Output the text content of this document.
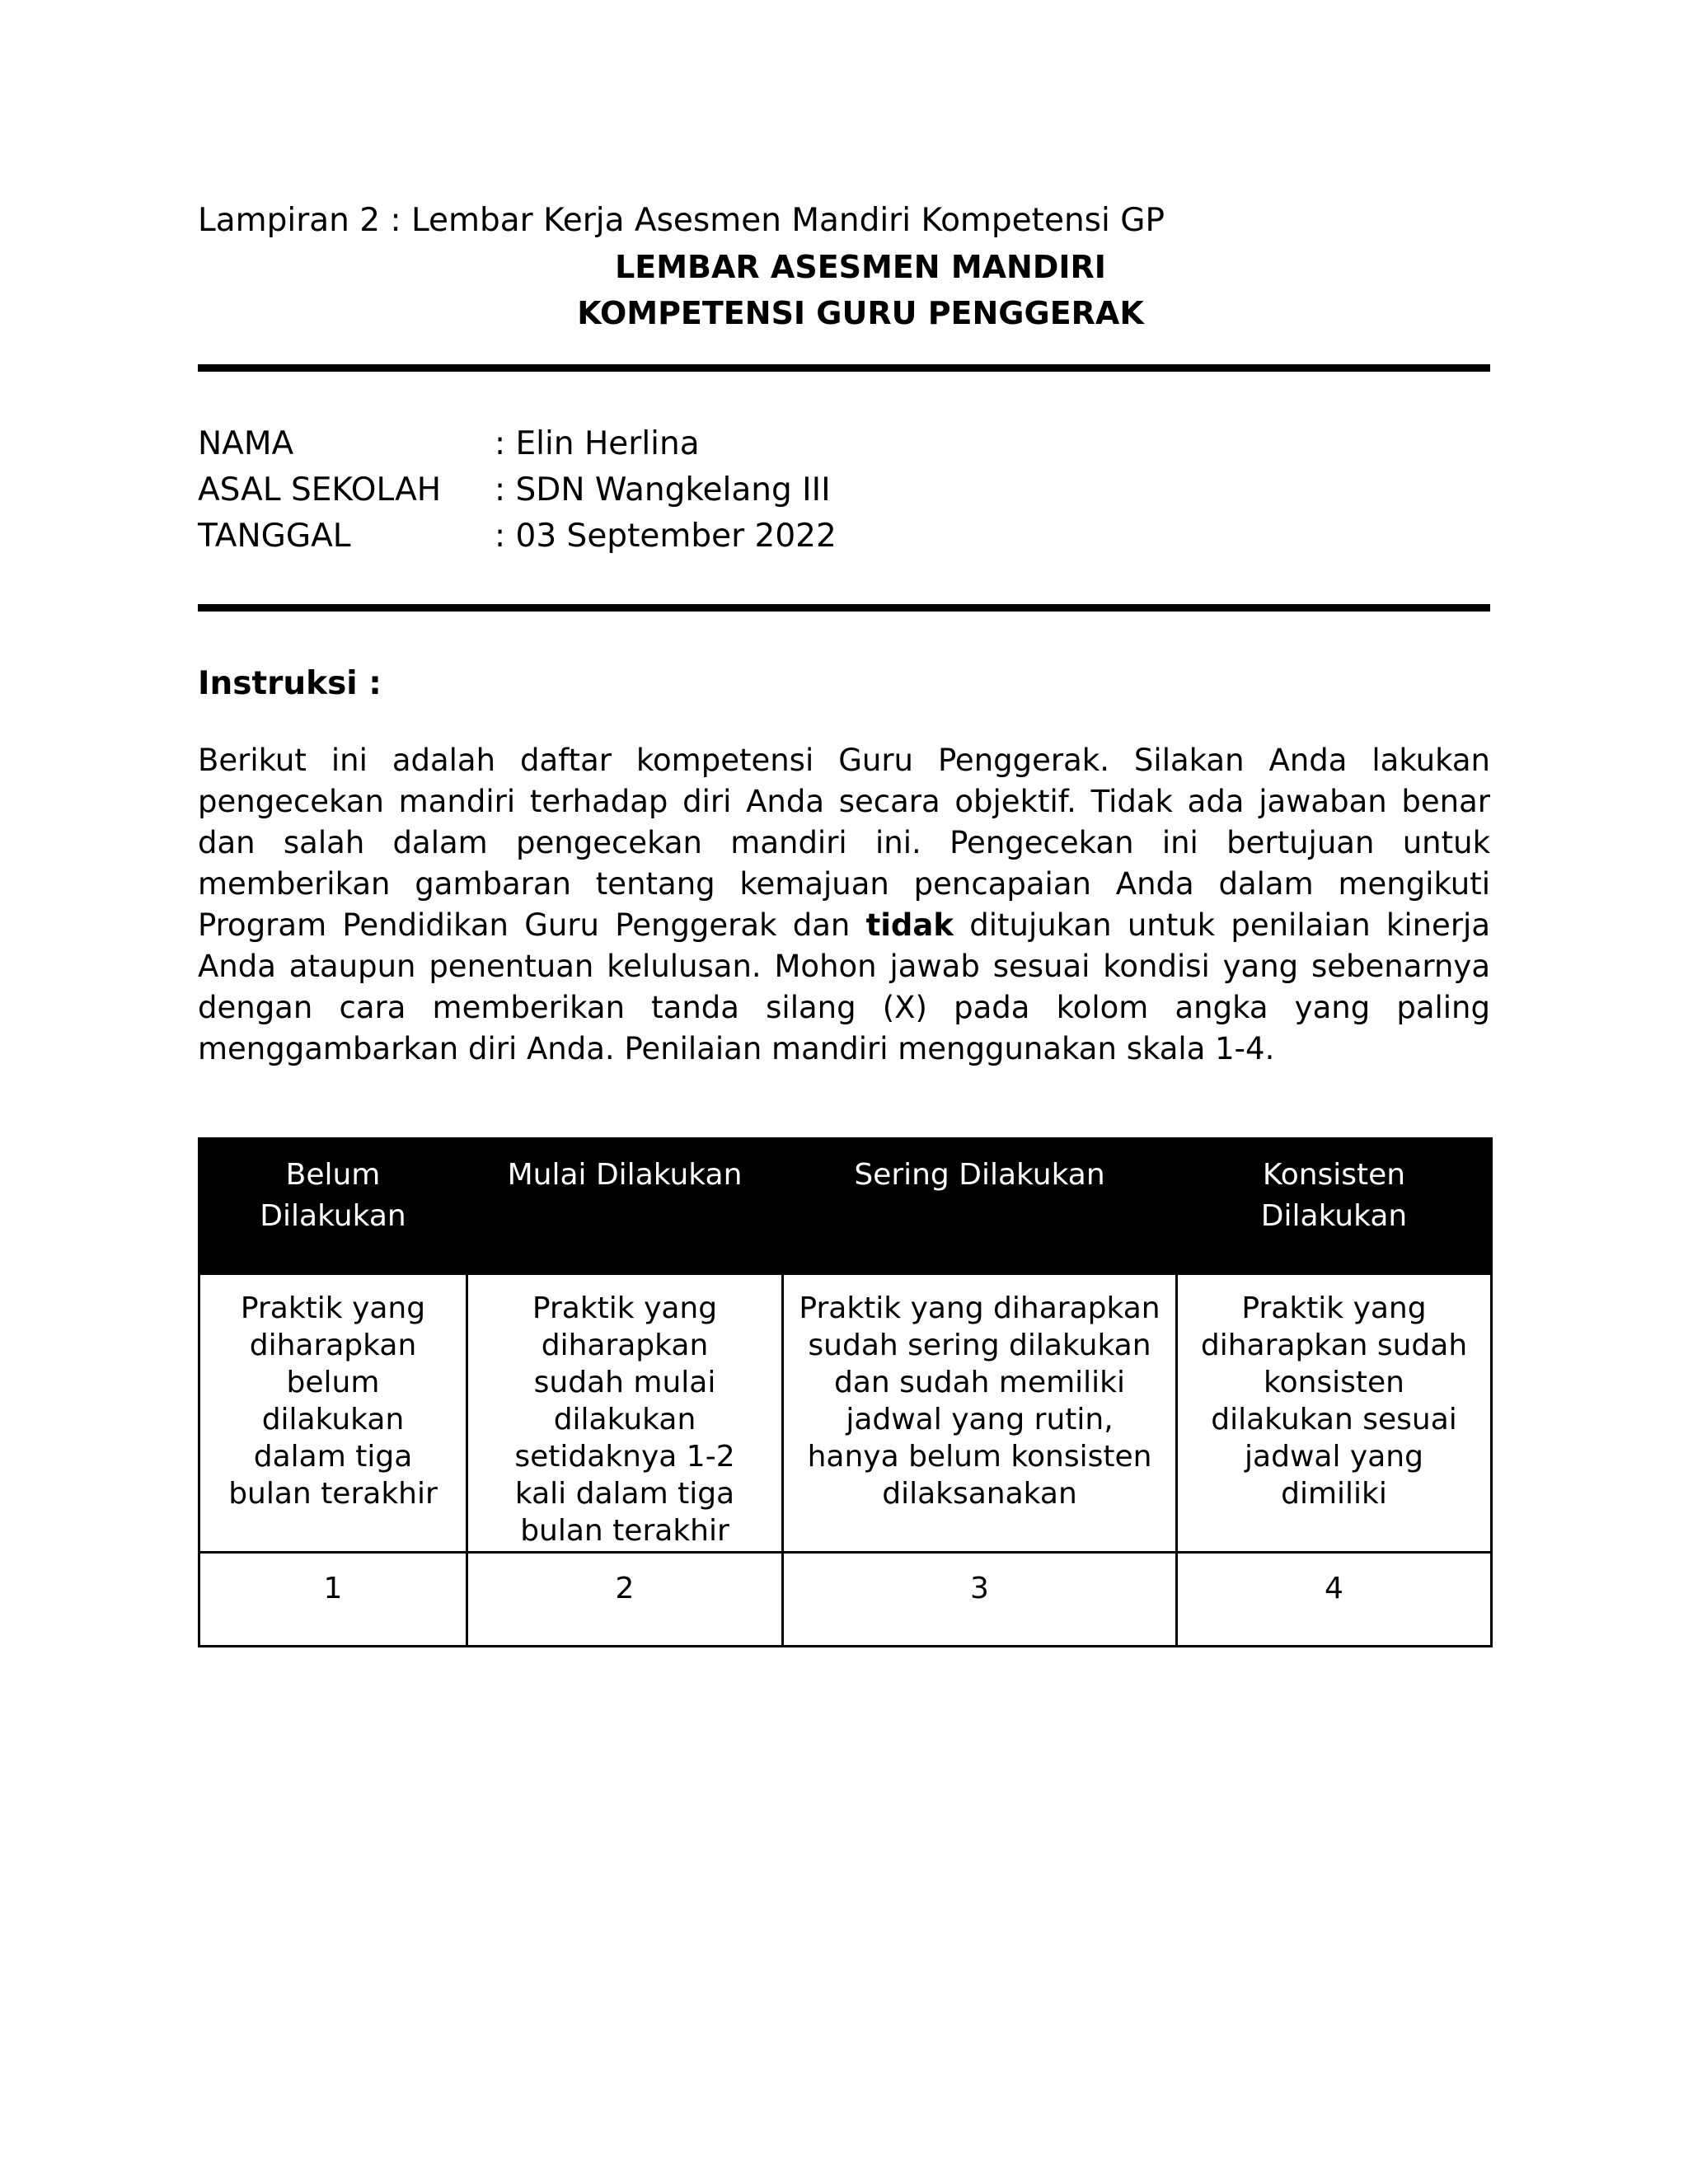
Lampiran 2 : Lembar Kerja Asesmen Mandiri Kompetensi GP

LEMBAR ASESMEN MANDIRI

KOMPETENSI GURU PENGGERAK

NAMA	: Elin Herlina
ASAL SEKOLAH	: SDN Wangkelang III
TANGGAL	: 03 September 2022
Instruksi :
Berikut ini adalah daftar kompetensi Guru Penggerak. Silakan Anda lakukan pengecekan mandiri terhadap diri Anda secara objektif. Tidak ada jawaban benar dan salah dalam pengecekan mandiri ini. Pengecekan ini bertujuan untuk memberikan gambaran tentang kemajuan pencapaian Anda dalam mengikuti Program Pendidikan Guru Penggerak dan tidak ditujukan untuk penilaian kinerja Anda ataupun penentuan kelulusan. Mohon jawab sesuai kondisi yang sebenarnya dengan cara memberikan tanda silang (X) pada kolom angka yang paling menggambarkan diri Anda. Penilaian mandiri menggunakan skala 1-4.
Belum Dilakukan	Mulai Dilakukan	Sering Dilakukan	Konsisten Dilakukan
Praktik yang diharapkan belum dilakukan dalam tiga bulan terakhir	Praktik yang diharapkan sudah mulai dilakukan setidaknya 1-2 kali dalam tiga bulan terakhir	Praktik yang diharapkan sudah sering dilakukan dan sudah memiliki jadwal yang rutin, hanya belum konsisten dilaksanakan	Praktik yang diharapkan sudah konsisten dilakukan sesuai jadwal yang dimiliki
1	2	3	4
